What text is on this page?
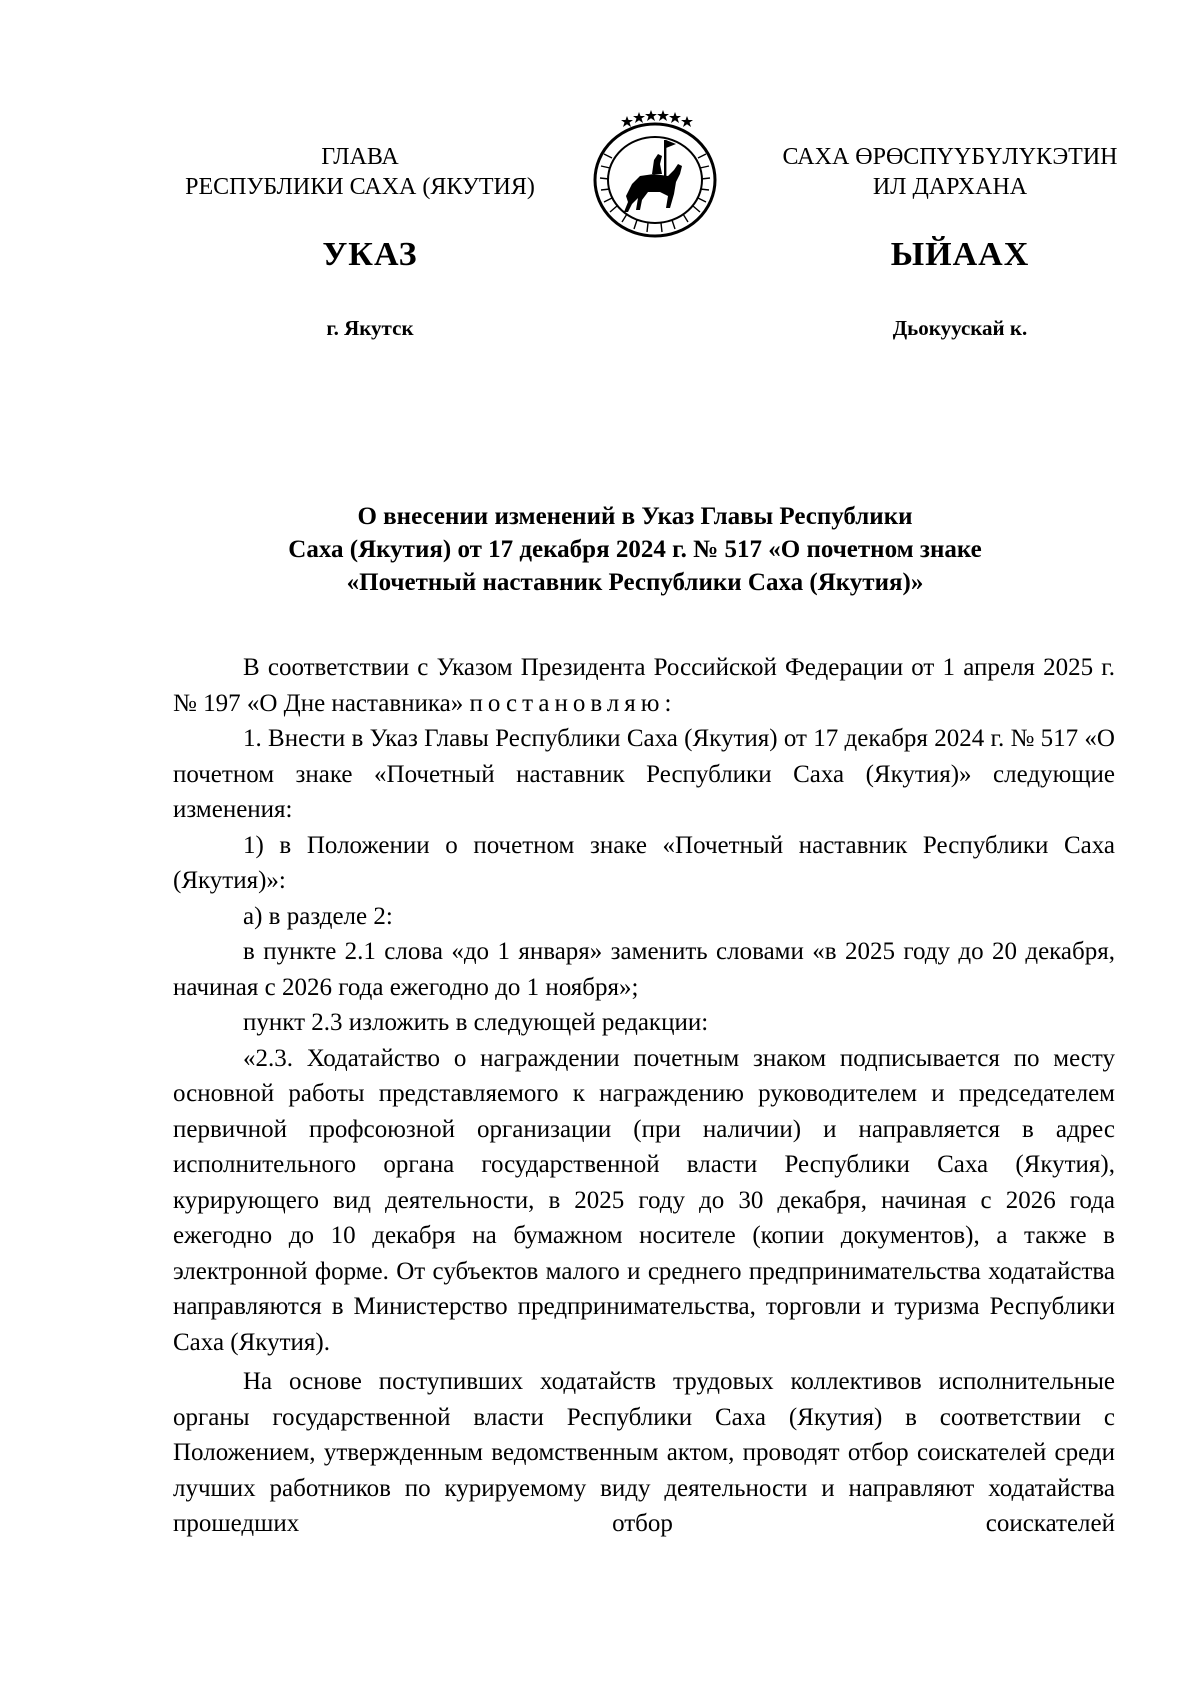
ГЛАВА
РЕСПУБЛИКИ САХА (ЯКУТИЯ)
САХА ӨРӨСПҮҮБҮЛҮКЭТИН
ИЛ ДАРХАНА
УКАЗ	ЫЙААХ
г. Якутск	Дьокуускай к.
О внесении изменений в Указ Главы Республики
Саха (Якутия) от 17 декабря 2024 г. № 517 «О почетном знаке
«Почетный наставник Республики Саха (Якутия)»

В соответствии с Указом Президента Российской Федерации от 1 апреля 2025 г. № 197 «О Дне наставника» постановляю:

1. Внести в Указ Главы Республики Саха (Якутия) от 17 декабря 2024 г. № 517 «О почетном знаке «Почетный наставник Республики Саха (Якутия)» следующие изменения:

1) в Положении о почетном знаке «Почетный наставник Республики Саха (Якутия)»:

а) в разделе 2:

в пункте 2.1 слова «до 1 января» заменить словами «в 2025 году до 20 декабря, начиная с 2026 года ежегодно до 1 ноября»;

пункт 2.3 изложить в следующей редакции:

«2.3. Ходатайство о награждении почетным знаком подписывается по месту основной работы представляемого к награждению руководителем и председателем первичной профсоюзной организации (при наличии) и направляется в адрес исполнительного органа государственной власти Республики Саха (Якутия), курирующего вид деятельности, в 2025 году до 30 декабря, начиная с 2026 года ежегодно до 10 декабря на бумажном носителе (копии документов), а также в электронной форме. От субъектов малого и среднего предпринимательства ходатайства направляются в Министерство предпринимательства, торговли и туризма Республики Саха (Якутия).

На основе поступивших ходатайств трудовых коллективов исполнительные органы государственной власти Республики Саха (Якутия) в соответствии с Положением, утвержденным ведомственным актом, проводят отбор соискателей среди лучших работников по курируемому виду деятельности и направляют ходатайства прошедших отбор соискателей
